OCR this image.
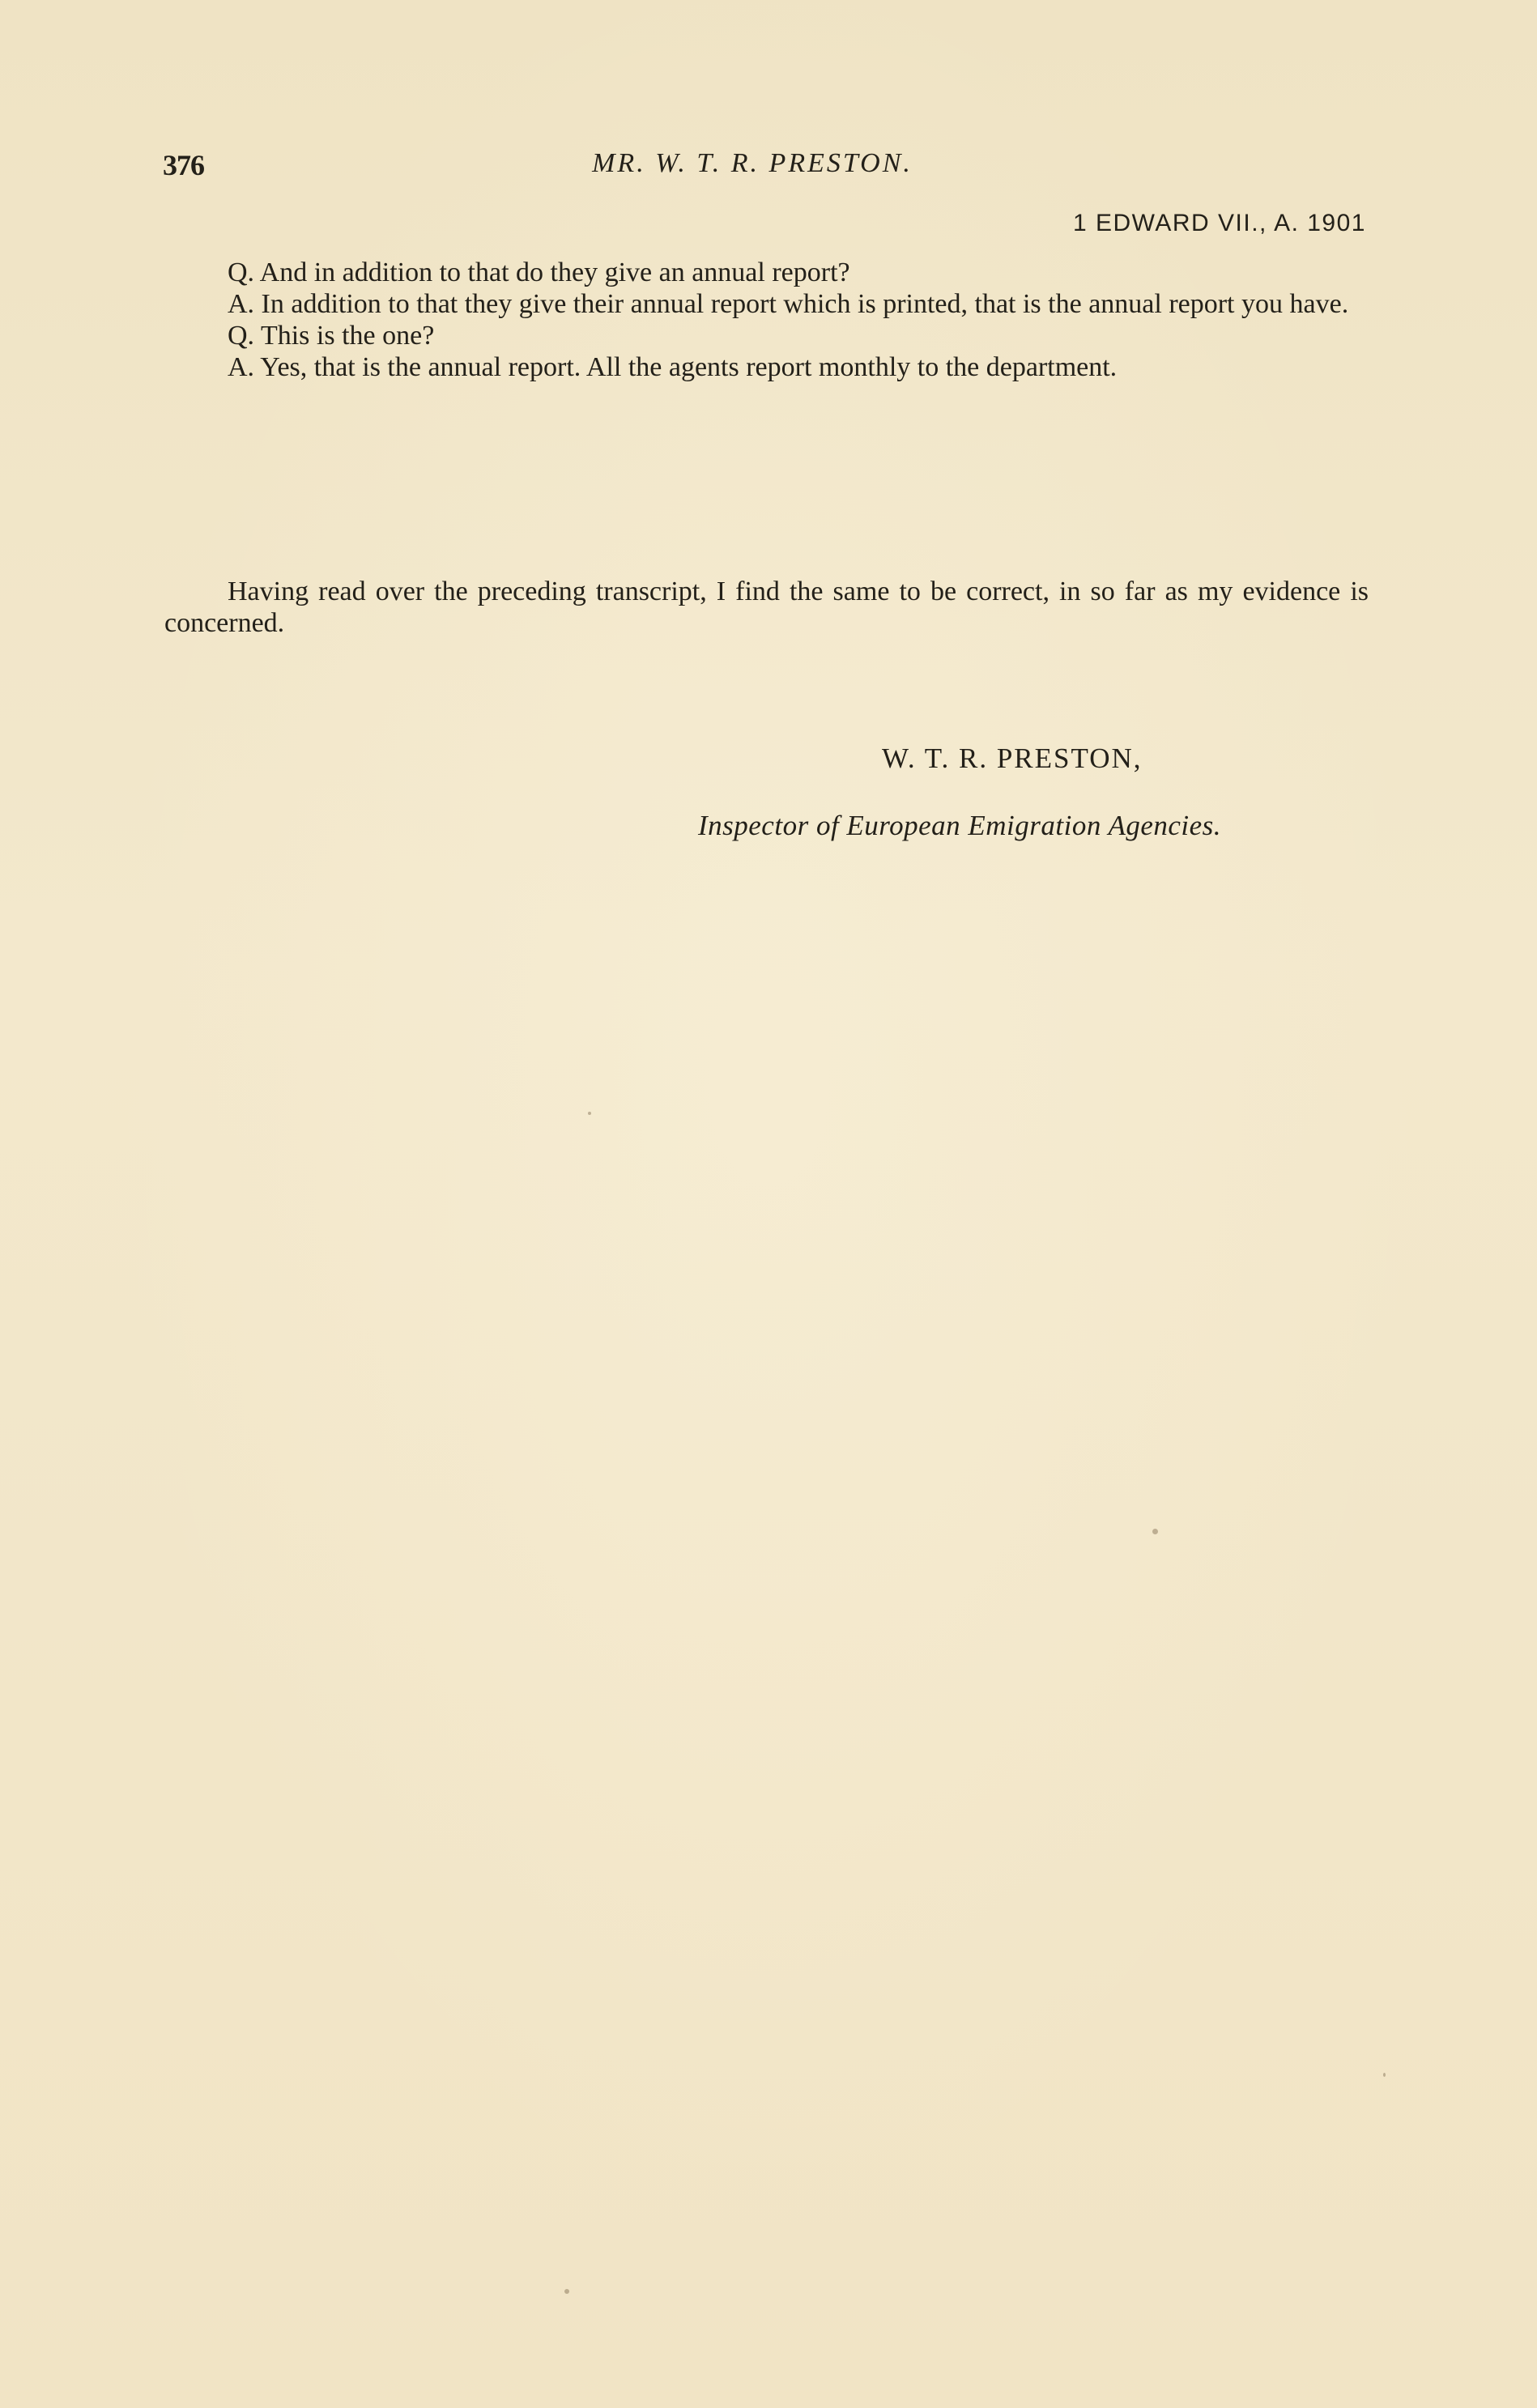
376	MR. W. T. R. PRESTON.
1 EDWARD VII., A. 1901

Q. And in addition to that do they give an annual report?

A. In addition to that they give their annual report which is printed, that is the annual report you have.

Q. This is the one?

A. Yes, that is the annual report. All the agents report monthly to the department.

Having read over the preceding transcript, I find the same to be correct, in so far as my evidence is concerned.

W. T. R. PRESTON,
Inspector of European Emigration Agencies.
